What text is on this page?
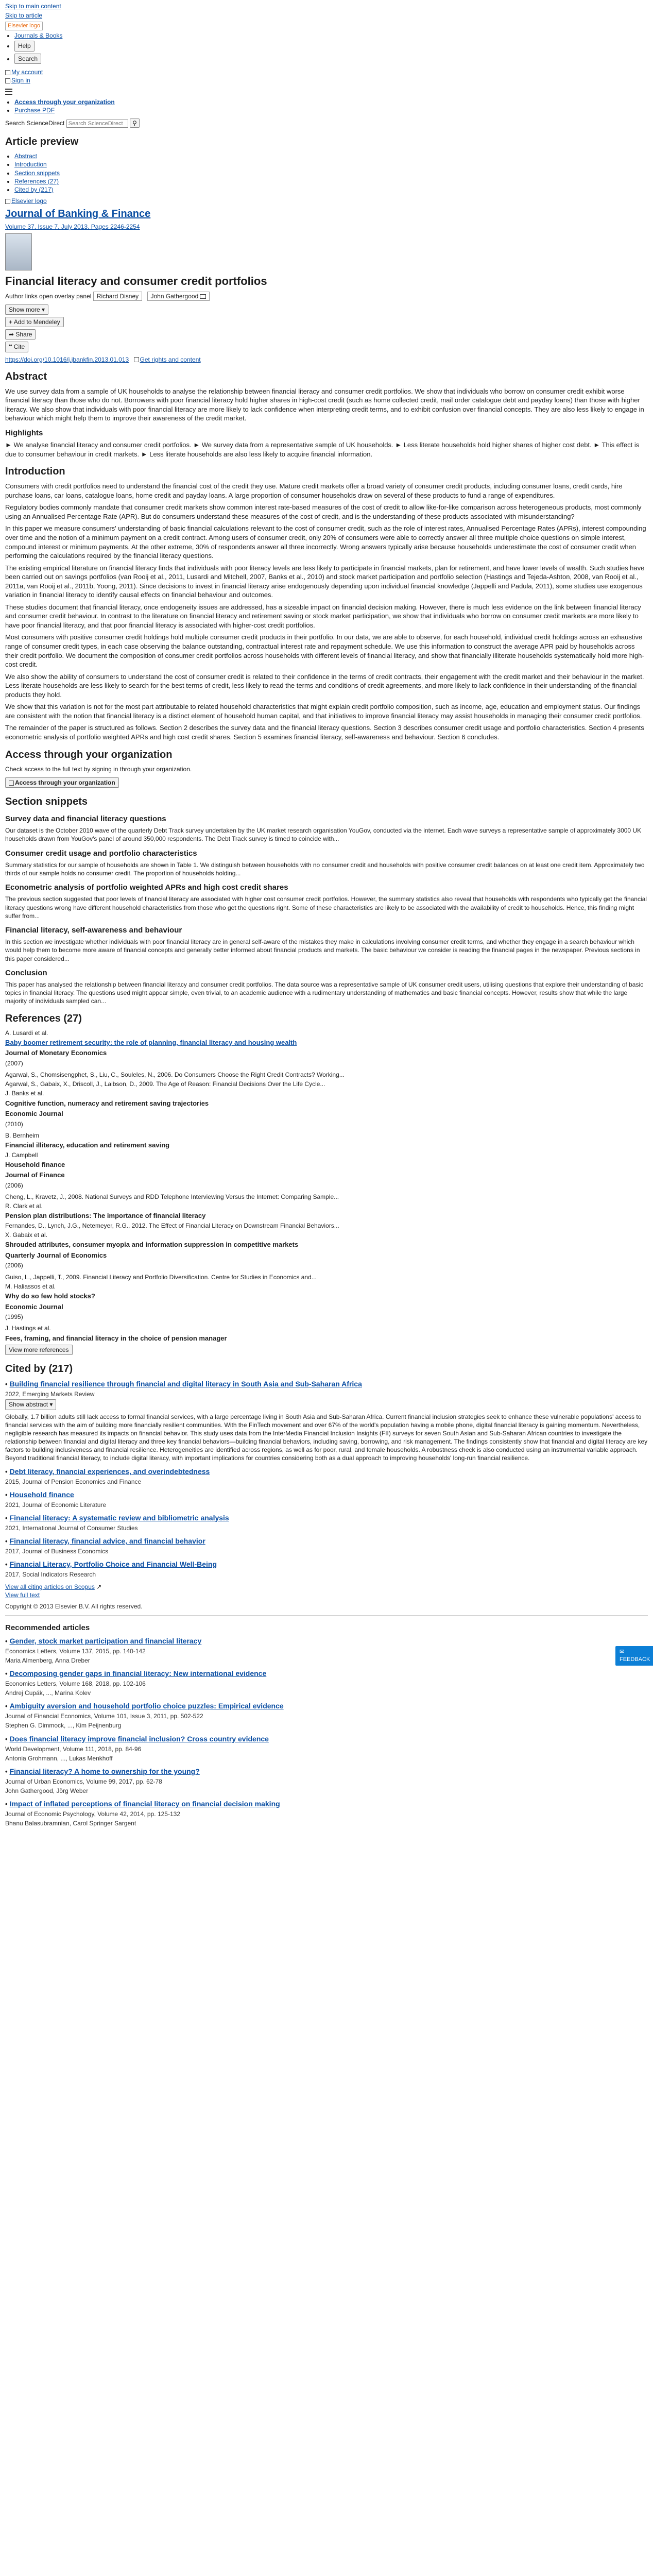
Skip to main content
Skip to article
Elsevier logo
• Journals & Books
• Help
• Search
My account
Sign in
• Access through your organization
• Purchase PDF
Search ScienceDirect Search ScienceDirect	⚲
Article preview
• Abstract
• Introduction
• Section snippets
• References (27)
• Cited by (217)
Elsevier logo
Journal of Banking & Finance
Volume 37, Issue 7, July 2013, Pages 2246-2254
Financial literacy and consumer credit portfolios
Author links open overlay panel Richard Disney John Gathergood
Show more ▾
+ Add to Mendeley
➦ Share
❝ Cite
https://doi.org/10.1016/j.jbankfin.2013.01.013 Get rights and content
Abstract

We use survey data from a sample of UK households to analyse the relationship between financial literacy and consumer credit portfolios. We show that individuals who borrow on consumer credit exhibit worse financial literacy than those who do not. Borrowers with poor financial literacy hold higher shares in high-cost credit (such as home collected credit, mail order catalogue debt and payday loans) than those with higher literacy. We also show that individuals with poor financial literacy are more likely to lack confidence when interpreting credit terms, and to exhibit confusion over financial concepts. They are also less likely to engage in behaviour which might help them to improve their awareness of the credit market.

Highlights

► We analyse financial literacy and consumer credit portfolios. ► We survey data from a representative sample of UK households. ► Less literate households hold higher shares of higher cost debt. ► This effect is due to consumer behaviour in credit markets. ► Less literate households are also less likely to acquire financial information.

Introduction

Consumers with credit portfolios need to understand the financial cost of the credit they use. Mature credit markets offer a broad variety of consumer credit products, including consumer loans, credit cards, hire purchase loans, car loans, catalogue loans, home credit and payday loans. A large proportion of consumer households draw on several of these products to fund a range of expenditures.

Regulatory bodies commonly mandate that consumer credit markets show common interest rate-based measures of the cost of credit to allow like-for-like comparison across heterogeneous products, most commonly using an Annualised Percentage Rate (APR). But do consumers understand these measures of the cost of credit, and is the understanding of these products associated with misunderstanding?

In this paper we measure consumers' understanding of basic financial calculations relevant to the cost of consumer credit, such as the role of interest rates, Annualised Percentage Rates (APRs), interest compounding over time and the notion of a minimum payment on a credit contract. Among users of consumer credit, only 20% of consumers were able to correctly answer all three multiple choice questions on simple interest, compound interest or minimum payments. At the other extreme, 30% of respondents answer all three incorrectly. Wrong answers typically arise because households underestimate the cost of consumer credit when performing the calculations required by the financial literacy questions.

The existing empirical literature on financial literacy finds that individuals with poor literacy levels are less likely to participate in financial markets, plan for retirement, and have lower levels of wealth. Such studies have been carried out on savings portfolios (van Rooij et al., 2011, Lusardi and Mitchell, 2007, Banks et al., 2010) and stock market participation and portfolio selection (Hastings and Tejeda-Ashton, 2008, van Rooij et al., 2011a, van Rooij et al., 2011b, Yoong, 2011). Since decisions to invest in financial literacy arise endogenously depending upon individual financial knowledge (Jappelli and Padula, 2011), some studies use exogenous variation in financial literacy to identify causal effects on financial behaviour and outcomes.

These studies document that financial literacy, once endogeneity issues are addressed, has a sizeable impact on financial decision making. However, there is much less evidence on the link between financial literacy and consumer credit behaviour. In contrast to the literature on financial literacy and retirement saving or stock market participation, we show that individuals who borrow on consumer credit markets are more likely to have poor financial literacy, and that poor financial literacy is associated with higher-cost credit portfolios.

Most consumers with positive consumer credit holdings hold multiple consumer credit products in their portfolio. In our data, we are able to observe, for each household, individual credit holdings across an exhaustive range of consumer credit types, in each case observing the balance outstanding, contractual interest rate and repayment schedule. We use this information to construct the average APR paid by households across their credit portfolio. We document the composition of consumer credit portfolios across households with different levels of financial literacy, and show that financially illiterate households systematically hold more high-cost credit.

We also show the ability of consumers to understand the cost of consumer credit is related to their confidence in the terms of credit contracts, their engagement with the credit market and their behaviour in the market. Less literate households are less likely to search for the best terms of credit, less likely to read the terms and conditions of credit agreements, and more likely to lack confidence in their understanding of the financial products they hold.

We show that this variation is not for the most part attributable to related household characteristics that might explain credit portfolio composition, such as income, age, education and employment status. Our findings are consistent with the notion that financial literacy is a distinct element of household human capital, and that initiatives to improve financial literacy may assist households in managing their consumer credit portfolios.

The remainder of the paper is structured as follows. Section 2 describes the survey data and the financial literacy questions. Section 3 describes consumer credit usage and portfolio characteristics. Section 4 presents econometric analysis of portfolio weighted APRs and high cost credit shares. Section 5 examines financial literacy, self-awareness and behaviour. Section 6 concludes.

Access through your organization

Check access to the full text by signing in through your organization.

Access through your organization
Section snippets
Survey data and financial literacy questions

Our dataset is the October 2010 wave of the quarterly Debt Track survey undertaken by the UK market research organisation YouGov, conducted via the internet. Each wave surveys a representative sample of approximately 3000 UK households drawn from YouGov's panel of around 350,000 respondents. The Debt Track survey is timed to coincide with...

Consumer credit usage and portfolio characteristics

Summary statistics for our sample of households are shown in Table 1. We distinguish between households with no consumer credit and households with positive consumer credit balances on at least one credit item. Approximately two thirds of our sample holds no consumer credit. The proportion of households holding...

Econometric analysis of portfolio weighted APRs and high cost credit shares

The previous section suggested that poor levels of financial literacy are associated with higher cost consumer credit portfolios. However, the summary statistics also reveal that households with respondents who typically get the financial literacy questions wrong have different household characteristics from those who get the questions right. Some of these characteristics are likely to be associated with the availability of credit to households. Hence, this finding might suffer from...

Financial literacy, self-awareness and behaviour

In this section we investigate whether individuals with poor financial literacy are in general self-aware of the mistakes they make in calculations involving consumer credit terms, and whether they engage in a search behaviour which would help them to become more aware of financial concepts and generally better informed about financial products and markets. The basic behaviour we consider is reading the financial pages in the newspaper. Previous sections in this paper considered...

Conclusion

This paper has analysed the relationship between financial literacy and consumer credit portfolios. The data source was a representative sample of UK consumer credit users, utilising questions that explore their understanding of basic topics in financial literacy. The questions used might appear simple, even trivial, to an academic audience with a rudimentary understanding of mathematics and basic financial concepts. However, results show that while the large majority of individuals sampled can...

References (27)
A. Lusardi et al.
Baby boomer retirement security: the role of planning, financial literacy and housing wealth
Journal of Monetary Economics
(2007)
Agarwal, S., Chomsisengphet, S., Liu, C., Souleles, N., 2006. Do Consumers Choose the Right Credit Contracts? Working...
Agarwal, S., Gabaix, X., Driscoll, J., Laibson, D., 2009. The Age of Reason: Financial Decisions Over the Life Cycle...
J. Banks et al.
Cognitive function, numeracy and retirement saving trajectories
Economic Journal
(2010)
B. Bernheim
Financial illiteracy, education and retirement saving
J. Campbell
Household finance
Journal of Finance
(2006)
Cheng, L., Kravetz, J., 2008. National Surveys and RDD Telephone Interviewing Versus the Internet: Comparing Sample...
R. Clark et al.
Pension plan distributions: The importance of financial literacy
Fernandes, D., Lynch, J.G., Netemeyer, R.G., 2012. The Effect of Financial Literacy on Downstream Financial Behaviors...
X. Gabaix et al.
Shrouded attributes, consumer myopia and information suppression in competitive markets
Quarterly Journal of Economics
(2006)
Guiso, L., Jappelli, T., 2009. Financial Literacy and Portfolio Diversification. Centre for Studies in Economics and...
M. Haliassos et al.
Why do so few hold stocks?
Economic Journal
(1995)
J. Hastings et al.
Fees, framing, and financial literacy in the choice of pension manager
View more references
Cited by (217)
• Building financial resilience through financial and digital literacy in South Asia and Sub-Saharan Africa
2022, Emerging Markets Review
Show abstract ▾

Globally, 1.7 billion adults still lack access to formal financial services, with a large percentage living in South Asia and Sub-Saharan Africa. Current financial inclusion strategies seek to enhance these vulnerable populations' access to financial services with the aim of building more financially resilient communities. With the FinTech movement and over 67% of the world's population having a mobile phone, digital financial literacy is gaining momentum. Nevertheless, negligible research has measured its impacts on financial behavior. This study uses data from the InterMedia Financial Inclusion Insights (FII) surveys for seven South Asian and Sub-Saharan African countries to investigate the relationship between financial and digital literacy and three key financial behaviors—building financial behaviors, including saving, borrowing, and risk management. The findings consistently show that financial and digital literacy are key factors to building inclusiveness and financial resilience. Heterogeneities are identified across regions, as well as for poor, rural, and female households. A robustness check is also conducted using an instrumental variable approach. Beyond traditional financial literacy, to include digital literacy, with important implications for countries considering both as a dual approach to improving households' long-run financial resilience.

• Debt literacy, financial experiences, and overindebtedness
2015, Journal of Pension Economics and Finance
• Household finance
2021, Journal of Economic Literature
• Financial literacy: A systematic review and bibliometric analysis
2021, International Journal of Consumer Studies
• Financial literacy, financial advice, and financial behavior
2017, Journal of Business Economics
• Financial Literacy, Portfolio Choice and Financial Well-Being
2017, Social Indicators Research
View all citing articles on Scopus ↗
View full text
Copyright © 2013 Elsevier B.V. All rights reserved.
Recommended articles
• Gender, stock market participation and financial literacy
Economics Letters, Volume 137, 2015, pp. 140-142
Maria Almenberg, Anna Dreber
• Decomposing gender gaps in financial literacy: New international evidence
Economics Letters, Volume 168, 2018, pp. 102-106
Andrej Cupák, ..., Marina Kolev
• Ambiguity aversion and household portfolio choice puzzles: Empirical evidence
Journal of Financial Economics, Volume 101, Issue 3, 2011, pp. 502-522
Stephen G. Dimmock, ..., Kim Peijnenburg
• Does financial literacy improve financial inclusion? Cross country evidence
World Development, Volume 111, 2018, pp. 84-96
Antonia Grohmann, ..., Lukas Menkhoff
• Financial literacy? A home to ownership for the young?
Journal of Urban Economics, Volume 99, 2017, pp. 62-78
John Gathergood, Jörg Weber
• Impact of inflated perceptions of financial literacy on financial decision making
Journal of Economic Psychology, Volume 42, 2014, pp. 125-132
Bhanu Balasubramnian, Carol Springer Sargent
✉ FEEDBACK
